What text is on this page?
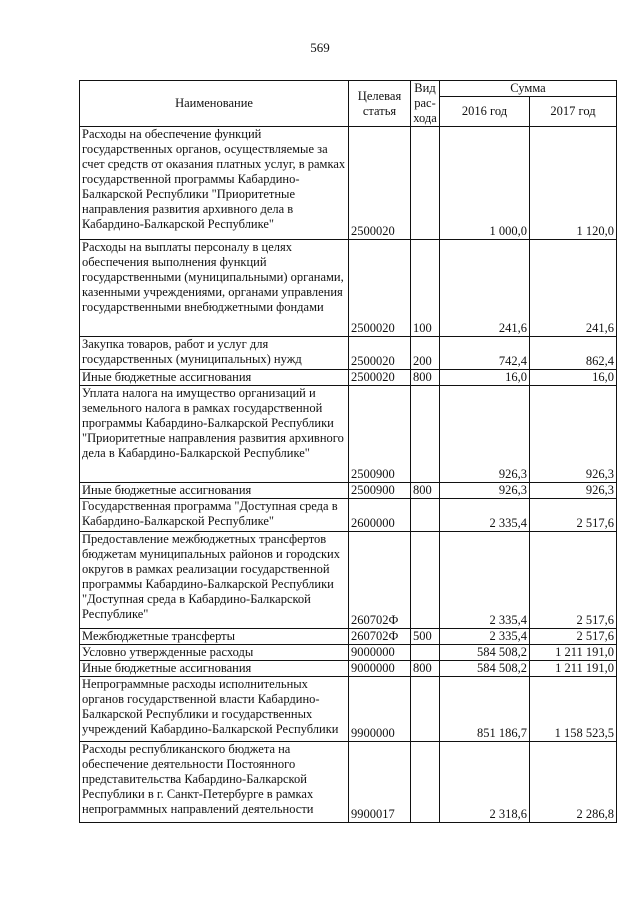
569
Наименование	Целевая статья	Вид рас-хода	Сумма	
			2016 год	2017 год
Расходы на обеспечение функций государственных органов, осуществляемые за счет средств от оказания платных услуг, в рамках государственной программы Кабардино-Балкарской Республики "Приоритетные направления развития архивного дела в Кабардино-Балкарской Республике"	2500020		1 000,0	1 120,0
Расходы на выплаты персоналу в целях обеспечения выполнения функций государственными (муниципальными) органами, казенными учреждениями, органами управления государственными внебюджетными фондами	2500020	100	241,6	241,6
Закупка товаров, работ и услуг для государственных (муниципальных) нужд	2500020	200	742,4	862,4
Иные бюджетные ассигнования	2500020	800	16,0	16,0
Уплата налога на имущество организаций и земельного налога в рамках государственной программы Кабардино-Балкарской Республики "Приоритетные направления развития архивного дела в Кабардино-Балкарской Республике"	2500900		926,3	926,3
Иные бюджетные ассигнования	2500900	800	926,3	926,3
Государственная программа "Доступная среда в Кабардино-Балкарской Республике"	2600000		2 335,4	2 517,6
Предоставление межбюджетных трансфертов бюджетам муниципальных районов и городских округов в рамках реализации государственной программы Кабардино-Балкарской Республики "Доступная среда в Кабардино-Балкарской Республике"	260702Ф		2 335,4	2 517,6
Межбюджетные трансферты	260702Ф	500	2 335,4	2 517,6
Условно утвержденные расходы	9000000		584 508,2	1 211 191,0
Иные бюджетные ассигнования	9000000	800	584 508,2	1 211 191,0
Непрограммные расходы исполнительных органов государственной власти Кабардино-Балкарской Республики и государственных учреждений Кабардино-Балкарской Республики	9900000		851 186,7	1 158 523,5
Расходы республиканского бюджета на обеспечение деятельности Постоянного представительства Кабардино-Балкарской Республики в г. Санкт-Петербурге в рамках непрограммных направлений деятельности	9900017		2 318,6	2 286,8
